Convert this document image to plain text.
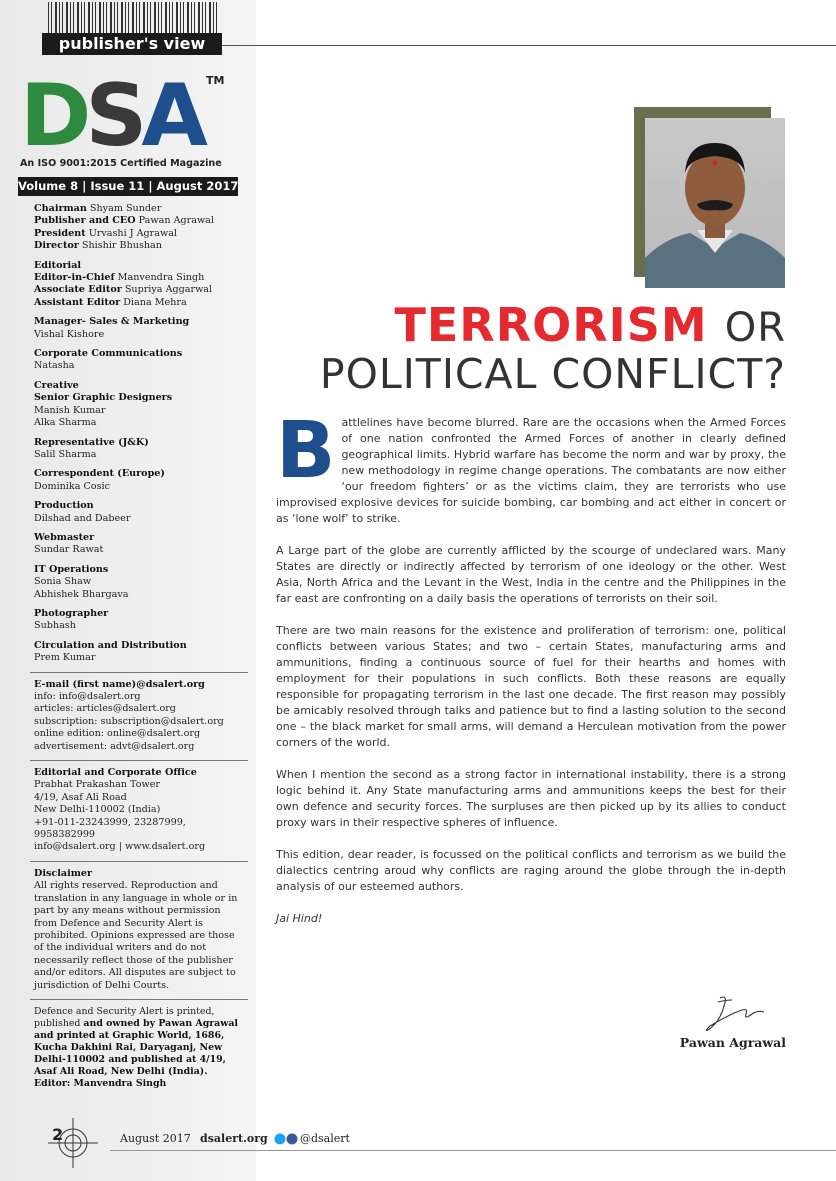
publisher's view
DSA TM
An ISO 9001:2015 Certified Magazine
Volume 8 | Issue 11 | August 2017
Chairman Shyam Sunder
Publisher and CEO Pawan Agrawal
President Urvashi J Agrawal
Director Shishir Bhushan
Editorial
Editor-in-Chief Manvendra Singh
Associate Editor Supriya Aggarwal
Assistant Editor Diana Mehra
Manager- Sales & Marketing
Vishal Kishore
Corporate Communications
Natasha
Creative
Senior Graphic Designers
Manish Kumar
Alka Sharma
Representative (J&K)
Salil Sharma
Correspondent (Europe)
Dominika Cosic
Production
Dilshad and Dabeer
Webmaster
Sundar Rawat
IT Operations
Sonia Shaw
Abhishek Bhargava
Photographer
Subhash
Circulation and Distribution
Prem Kumar
E-mail (first name)@dsalert.org
info: info@dsalert.org
articles: articles@dsalert.org
subscription: subscription@dsalert.org
online edition: online@dsalert.org
advertisement: advt@dsalert.org
Editorial and Corporate Office
Prabhat Prakashan Tower
4/19, Asaf Ali Road
New Delhi-110002 (India)
+91-011-23243999, 23287999,
9958382999
info@dsalert.org | www.dsalert.org
Disclaimer
All rights reserved. Reproduction and translation in any language in whole or in part by any means without permission from Defence and Security Alert is prohibited. Opinions expressed are those of the individual writers and do not necessarily reflect those of the publisher and/or editors. All disputes are subject to jurisdiction of Delhi Courts.
Defence and Security Alert is printed, published and owned by Pawan Agrawal and printed at Graphic World, 1686, Kucha Dakhini Rai, Daryaganj, New Delhi-110002 and published at 4/19, Asaf Ali Road, New Delhi (India). Editor: Manvendra Singh
2	August 2017 dsalert.org	@dsalert
TERRORISM OR
POLITICAL CONFLICT?

Battlelines have become blurred. Rare are the occasions when the Armed Forces of one nation confronted the Armed Forces of another in clearly defined geographical limits. Hybrid warfare has become the norm and war by proxy, the new methodology in regime change operations. The combatants are now either ‘our freedom fighters’ or as the victims claim, they are terrorists who use improvised explosive devices for suicide bombing, car bombing and act either in concert or as ‘lone wolf’ to strike.

A Large part of the globe are currently afflicted by the scourge of undeclared wars. Many States are directly or indirectly affected by terrorism of one ideology or the other. West Asia, North Africa and the Levant in the West, India in the centre and the Philippines in the far east are confronting on a daily basis the operations of terrorists on their soil.

There are two main reasons for the existence and proliferation of terrorism: one, political conflicts between various States; and two – certain States, manufacturing arms and ammunitions, finding a continuous source of fuel for their hearths and homes with employment for their populations in such conflicts. Both these reasons are equally responsible for propagating terrorism in the last one decade. The first reason may possibly be amicably resolved through talks and patience but to find a lasting solution to the second one – the black market for small arms, will demand a Herculean motivation from the power corners of the world.

When I mention the second as a strong factor in international instability, there is a strong logic behind it. Any State manufacturing arms and ammunitions keeps the best for their own defence and security forces. The surpluses are then picked up by its allies to conduct proxy wars in their respective spheres of influence.

This edition, dear reader, is focussed on the political conflicts and terrorism as we build the dialectics centring aroud why conflicts are raging around the globe through the in-depth analysis of our esteemed authors.

Jai Hind!

Pawan Agrawal
